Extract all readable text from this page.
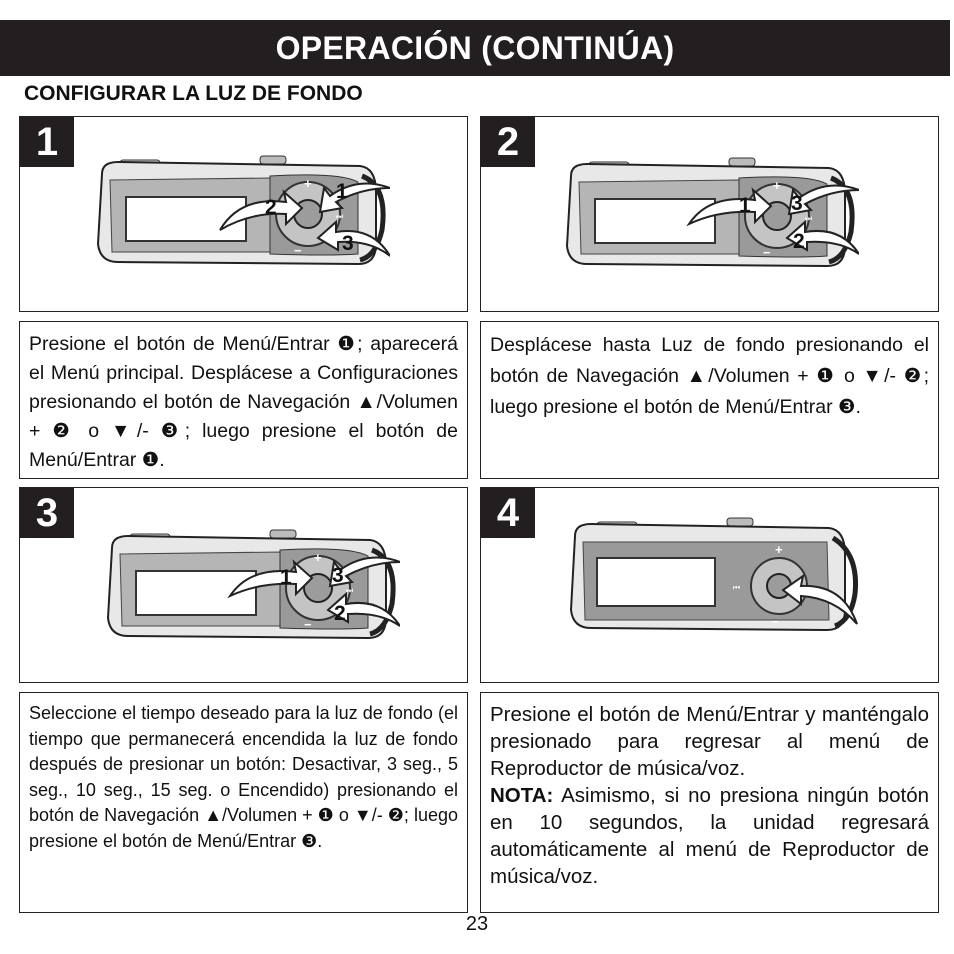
OPERACIÓN (CONTINÚA)
CONFIGURAR LA LUZ DE FONDO
1
+
−
⏭
2
1
3
2
+
−
⏭
1 3
2
Presione el botón de Menú/Entrar ❶; aparecerá el Menú principal. Desplácese a Configuraciones presionando el botón de Navegación ▲/Volumen + ❷ o ▼/- ❸; luego presione el botón de Menú/Entrar ❶.
Desplácese hasta Luz de fondo presionando el botón de Navegación ▲/Volumen + ❶ o ▼/- ❷; luego presione el botón de Menú/Entrar ❸.
3
+
−
⏭
1 3
2
4
+
−
⏮
Seleccione el tiempo deseado para la luz de fondo (el tiempo que permanecerá encendida la luz de fondo después de presionar un botón: Desactivar, 3 seg., 5 seg., 10 seg., 15 seg. o Encendido) presionando el botón de Navegación ▲/Volumen + ❶ o ▼/- ❷; luego presione el botón de Menú/Entrar ❸.
Presione el botón de Menú/Entrar y manténgalo presionado para regresar al menú de Reproductor de música/voz.
NOTA: Asimismo, si no presiona ningún botón en 10 segundos, la unidad regresará automáticamente al menú de Reproductor de música/voz.
23
